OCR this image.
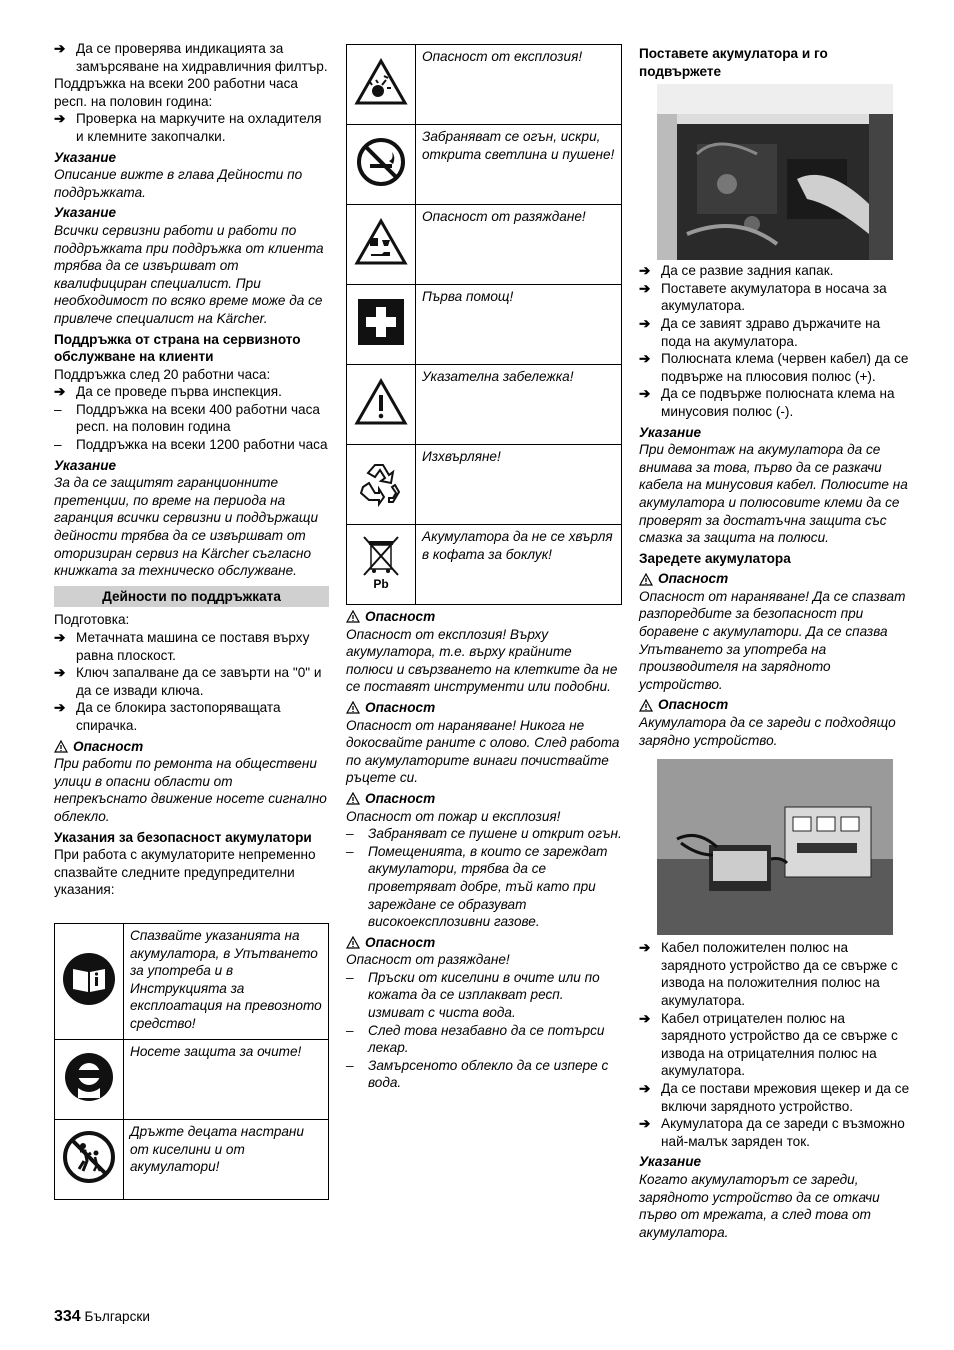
➔ Да се проверява индикацията за замърсяване на хидравличния филтър.

Поддръжка на всеки 200 работни часа респ. на половин година:

➔ Проверка на маркучите на охладителя и клемните закопчалки.

Указание

Описание вижте в глава Дейности по поддръжката.

Указание

Всички сервизни работи и работи по поддръжката при поддръжка от клиента трябва да се извършват от квалифициран специалист. При необходимост по всяко време може да се привлече специалист на Kärcher.

Поддръжка от страна на сервизното обслужване на клиенти

Поддръжка след 20 работни часа:

➔ Да се проведе първа инспекция.
–	Поддръжка на всеки 400 работни часа респ. на половин година
–	Поддръжка на всеки 1200 работни часа

Указание

За да се защитят гаранционните претенции, по време на периода на гаранция всички сервизни и поддържащи дейности трябва да се извършват от оторизиран сервиз на Kärcher съгласно книжката за техническо обслужване.

Дейности по поддръжката

Подготовка:

➔ Метачната машина се поставя върху равна плоскост.
➔ Ключ запалване да се завърти на "0" и да се извади ключа.
➔ Да се блокира застопоряващата спирачка.
Опасност

При работи по ремонта на обществени улици в опасни области от непрекъснато движение носете сигнално облекло.

Указания за безопасност акумулатори

При работа с акумулаторите непременно спазвайте следните предупредителни указания:

	Спазвайте указанията на акумулатора, в Упътването за употреба и в Инструкцията за експлоатация на превозното средство!
	Носете защита за очите!
	Дръжте децата настрани от киселини и от акумулатори!
	Опасност от експлозия!
	Забраняват се огън, искри, открита светлина и пушене!
	Опасност от разяждане!
	Първа помощ!
	Указателна забележка!
	Изхвърляне!

Pb	Акумулатора да не се хвърля в кофата за боклук!
Опасност

Опасност от експлозия! Върху акумулатора, т.е. върху крайните полюси и свързването на клетките да не се поставят инструменти или подобни.

Опасност

Опасност от нараняване! Никога не докосвайте раните с олово. След работа по акумулаторите винаги почиствайте ръцете си.

Опасност

Опасност от пожар и експлозия!

–	Забраняват се пушене и открит огън.
–	Помещенията, в които се зареждат акумулатори, трябва да се проветряват добре, тъй като при зареждане се образуват високоексплозивни газове.
Опасност

Опасност от разяждане!

–	Пръски от киселини в очите или по кожата да се изплакват респ. измиват с чиста вода.
–	След това незабавно да се потърси лекар.
–	Замърсеното облекло да се изпере с вода.

Поставете акумулатора и го подвържете

➔ Да се развие задния капак.
➔ Поставете акумулатора в носача за акумулатора.
➔ Да се завият здраво държачите на пода на акумулатора.
➔ Полюсната клема (червен кабел) да се подвърже на плюсовия полюс (+).
➔ Да се подвърже полюсната клема на минусовия полюс (-).

Указание

При демонтаж на акумулатора да се внимава за това, първо да се разкачи кабела на минусовия кабел. Полюсите на акумулатора и полюсовите клеми да се проверят за достатъчна защита със смазка за защита на полюси.

Заредете акумулатора

Опасност

Опасност от нараняване! Да се спазват разпоредбите за безопасност при боравене с акумулатори. Да се спазва Упътването за употреба на производителя на зарядното устройство.

Опасност

Акумулатора да се зареди с подходящо зарядно устройство.

➔ Кабел положителен полюс на зарядното устройство да се свърже с извода на положителния полюс на акумулатора.
➔ Кабел отрицателен полюс на зарядното устройство да се свърже с извода на отрицателния полюс на акумулатора.
➔ Да се постави мрежовия щекер и да се включи зарядното устройство.
➔ Акумулатора да се зареди с възможно най-малък заряден ток.

Указание

Когато акумулаторът се зареди, зарядното устройство да се откачи първо от мрежата, а след това от акумулатора.

334 Български
